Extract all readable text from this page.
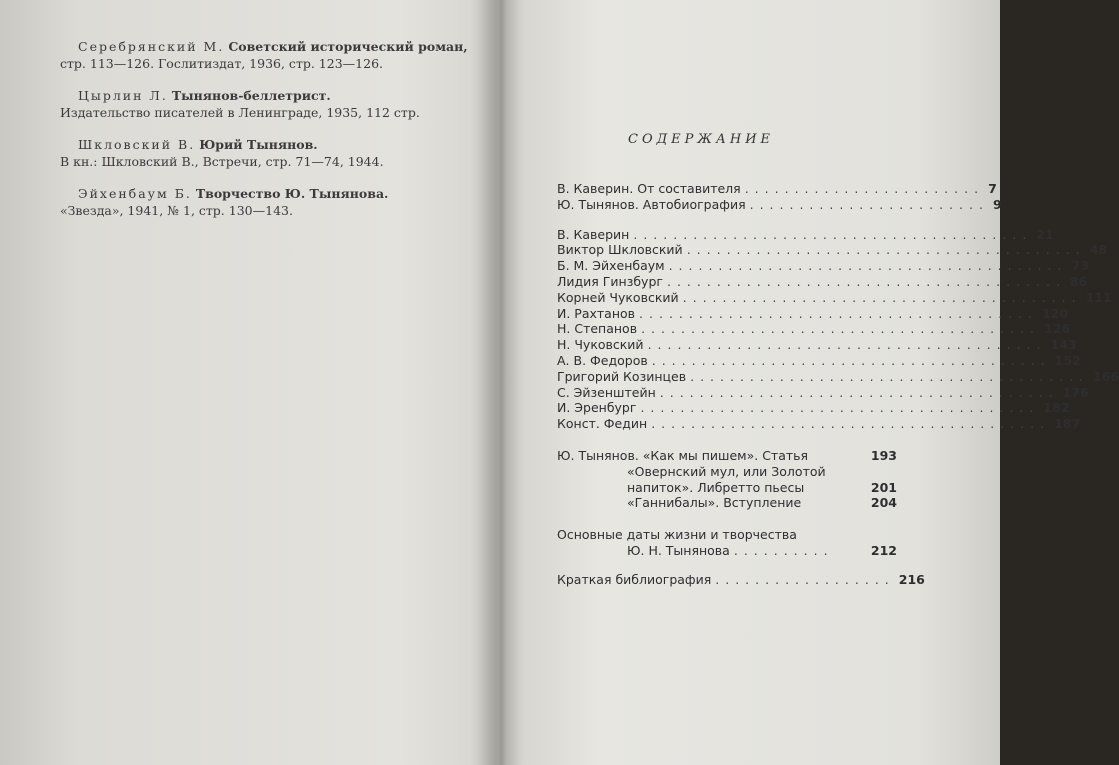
Серебрянский М. Советский исторический роман,
стр. 113—126. Гослитиздат, 1936, стр. 123—126.
Цырлин Л. Тынянов-беллетрист.
Издательство писателей в Ленинграде, 1935, 112 стр.
Шкловский В. Юрий Тынянов.
В кн.: Шкловский В., Встречи, стр. 71—74, 1944.
Эйхенбаум Б. Творчество Ю. Тынянова.
«Звезда», 1941, № 1, стр. 130—143.
СОДЕРЖАНИЕ
В. Каверин. От составителя ........................ 7
Ю. Тынянов. Автобиография ........................ 9
В. Каверин ........................................ 21
Виктор Шкловский ........................................ 48
Б. М. Эйхенбаум ........................................ 73
Лидия Гинзбург ........................................ 86
Корней Чуковский ........................................ 111
И. Рахтанов ........................................ 120
Н. Степанов ........................................ 126
Н. Чуковский ........................................ 143
А. В. Федоров ........................................ 152
Григорий Козинцев ........................................ 166
С. Эйзенштейн ........................................ 176
И. Эренбург ........................................ 182
Конст. Федин ........................................ 187
Ю. Тынянов. «Как мы пишем». Статья	193
«Овернский мул, или Золотой
напиток». Либретто пьесы	201
«Ганнибалы». Вступление	204
Основные даты жизни и творчества
Ю. Н. Тынянова ..........	212
Краткая библиография .................. 216
